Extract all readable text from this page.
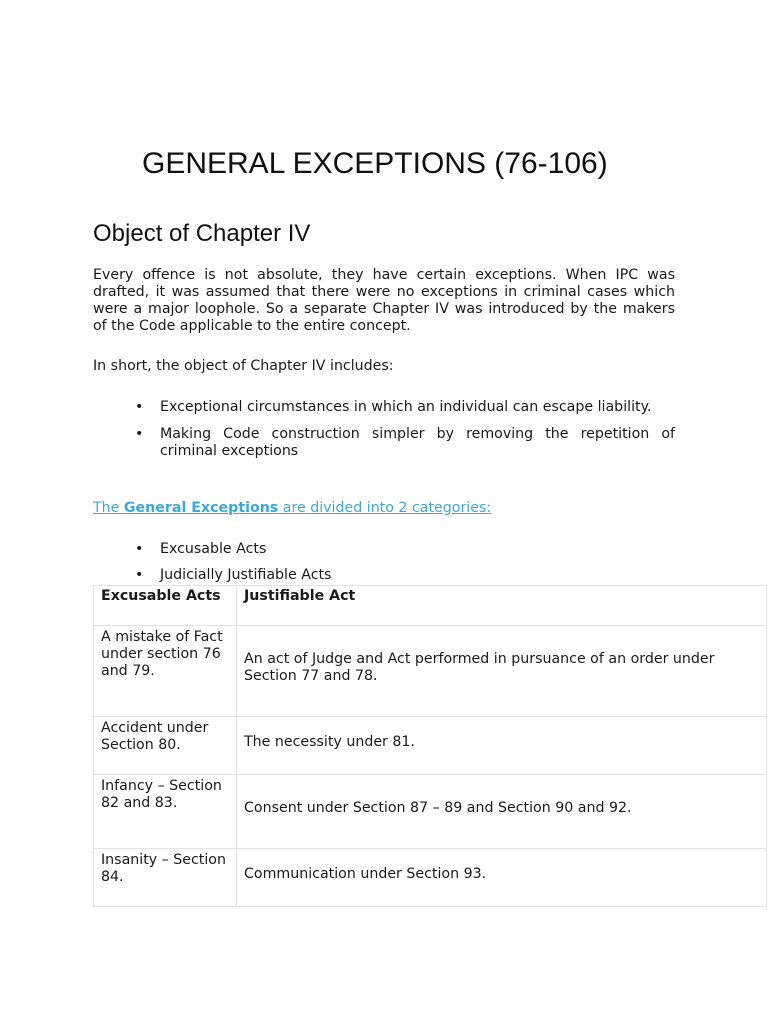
GENERAL EXCEPTIONS (76-106)
Object of Chapter IV

Every offence is not absolute, they have certain exceptions. When IPC was drafted, it was assumed that there were no exceptions in criminal cases which were a major loophole. So a separate Chapter IV was introduced by the makers of the Code applicable to the entire concept.

In short, the object of Chapter IV includes:

• Exceptional circumstances in which an individual can escape liability.
• Making Code construction simpler by removing the repetition of criminal exceptions

The General Exceptions are divided into 2 categories:

• Excusable Acts
• Judicially Justifiable Acts
Excusable Acts	Justifiable Act
A mistake of Fact under section 76 and 79.	An act of Judge and Act performed in pursuance of an order under Section 77 and 78.
Accident under Section 80.	The necessity under 81.
Infancy – Section 82 and 83.	Consent under Section 87 – 89 and Section 90 and 92.
Insanity – Section 84.	Communication under Section 93.
